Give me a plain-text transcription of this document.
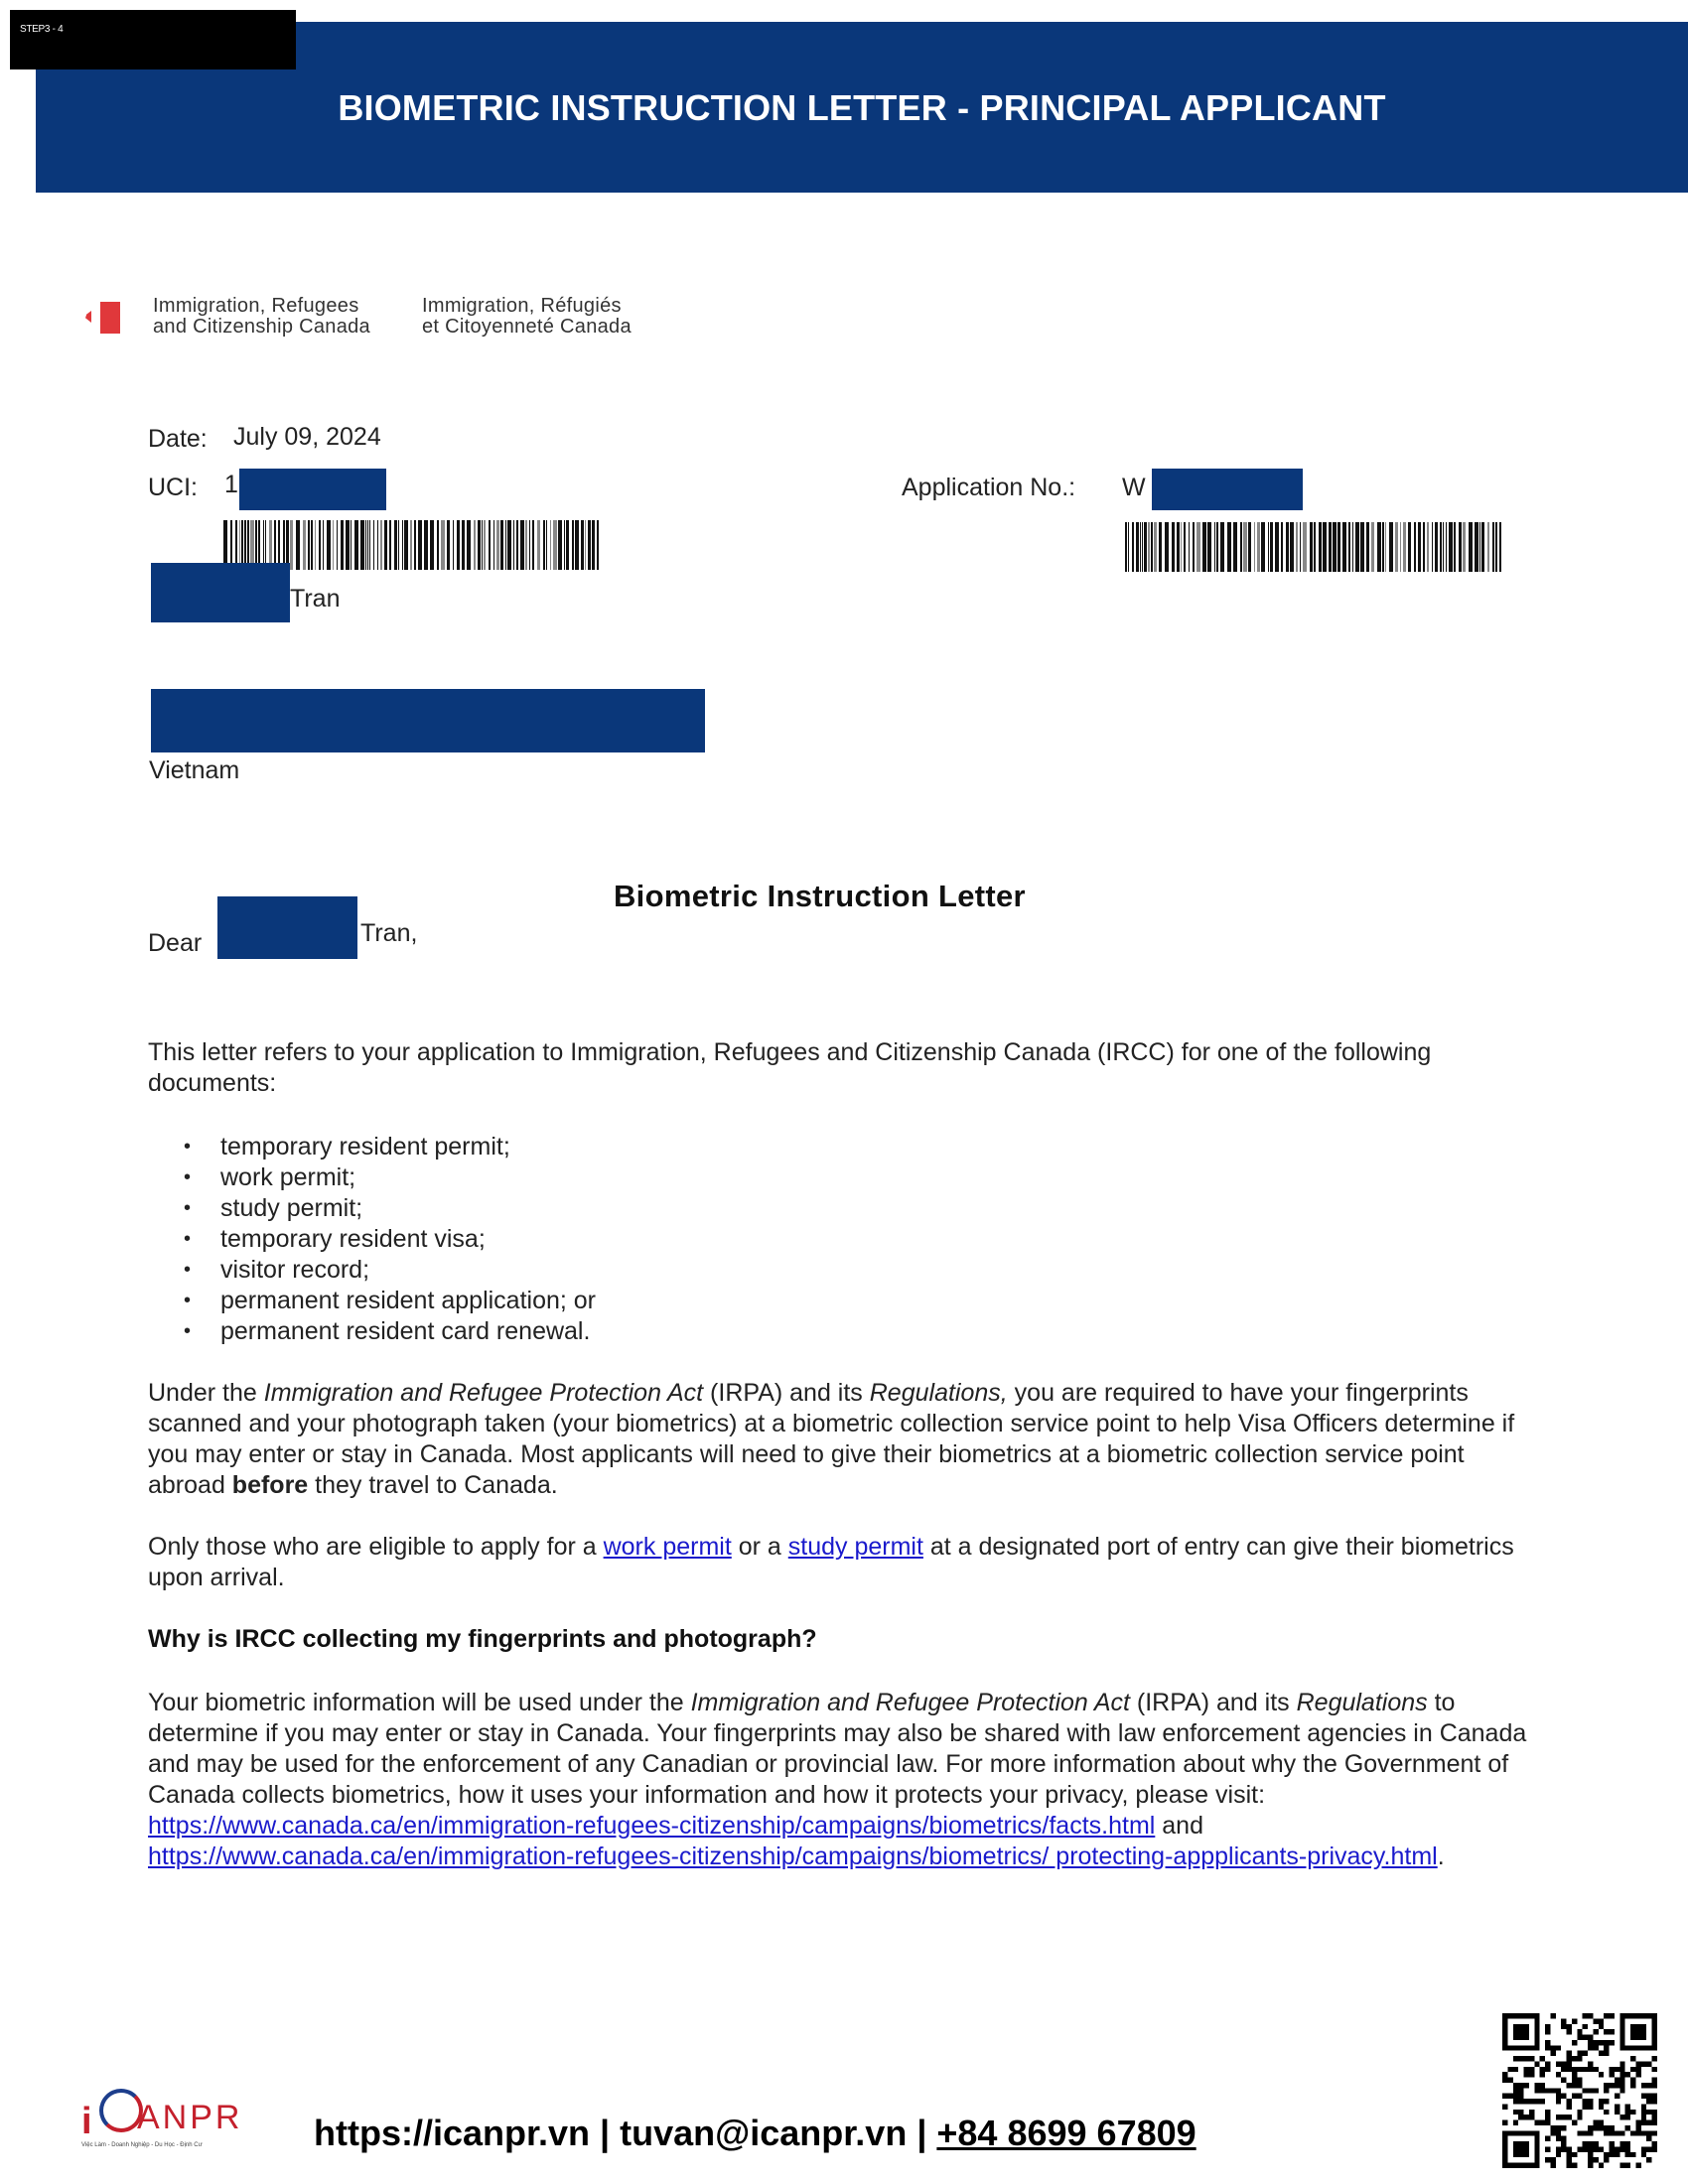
STEP3 - 4
BIOMETRIC INSTRUCTION LETTER - PRINCIPAL APPLICANT
Immigration, Refugees
and Citizenship Canada
Immigration, Réfugiés
et Citoyenneté Canada
Date: July 09, 2024
UCI: 1	Application No.: W
Tran
Vietnam
Biometric Instruction Letter
Dear	Tran,
This letter refers to your application to Immigration, Refugees and Citizenship Canada (IRCC) for one of the following documents:
• temporary resident permit;
• work permit;
• study permit;
• temporary resident visa;
• visitor record;
• permanent resident application; or
• permanent resident card renewal.
Under the Immigration and Refugee Protection Act (IRPA) and its Regulations, you are required to have your fingerprints scanned and your photograph taken (your biometrics) at a biometric collection service point to help Visa Officers determine if you may enter or stay in Canada. Most applicants will need to give their biometrics at a biometric collection service point abroad before they travel to Canada.
Only those who are eligible to apply for a work permit or a study permit at a designated port of entry can give their biometrics upon arrival.
Why is IRCC collecting my fingerprints and photograph?
Your biometric information will be used under the Immigration and Refugee Protection Act (IRPA) and its Regulations to determine if you may enter or stay in Canada. Your fingerprints may also be shared with law enforcement agencies in Canada and may be used for the enforcement of any Canadian or provincial law. For more information about why the Government of Canada collects biometrics, how it uses your information and how it protects your privacy, please visit: https://www.canada.ca/en/immigration-refugees-citizenship/campaigns/biometrics/facts.html and https://www.canada.ca/en/immigration-refugees-citizenship/campaigns/biometrics/ protecting-appplicants-privacy.html.
i ANPR
Việc Làm - Doanh Nghiệp - Du Học - Định Cư	https://icanpr.vn | tuvan@icanpr.vn | +84 8699 67809
